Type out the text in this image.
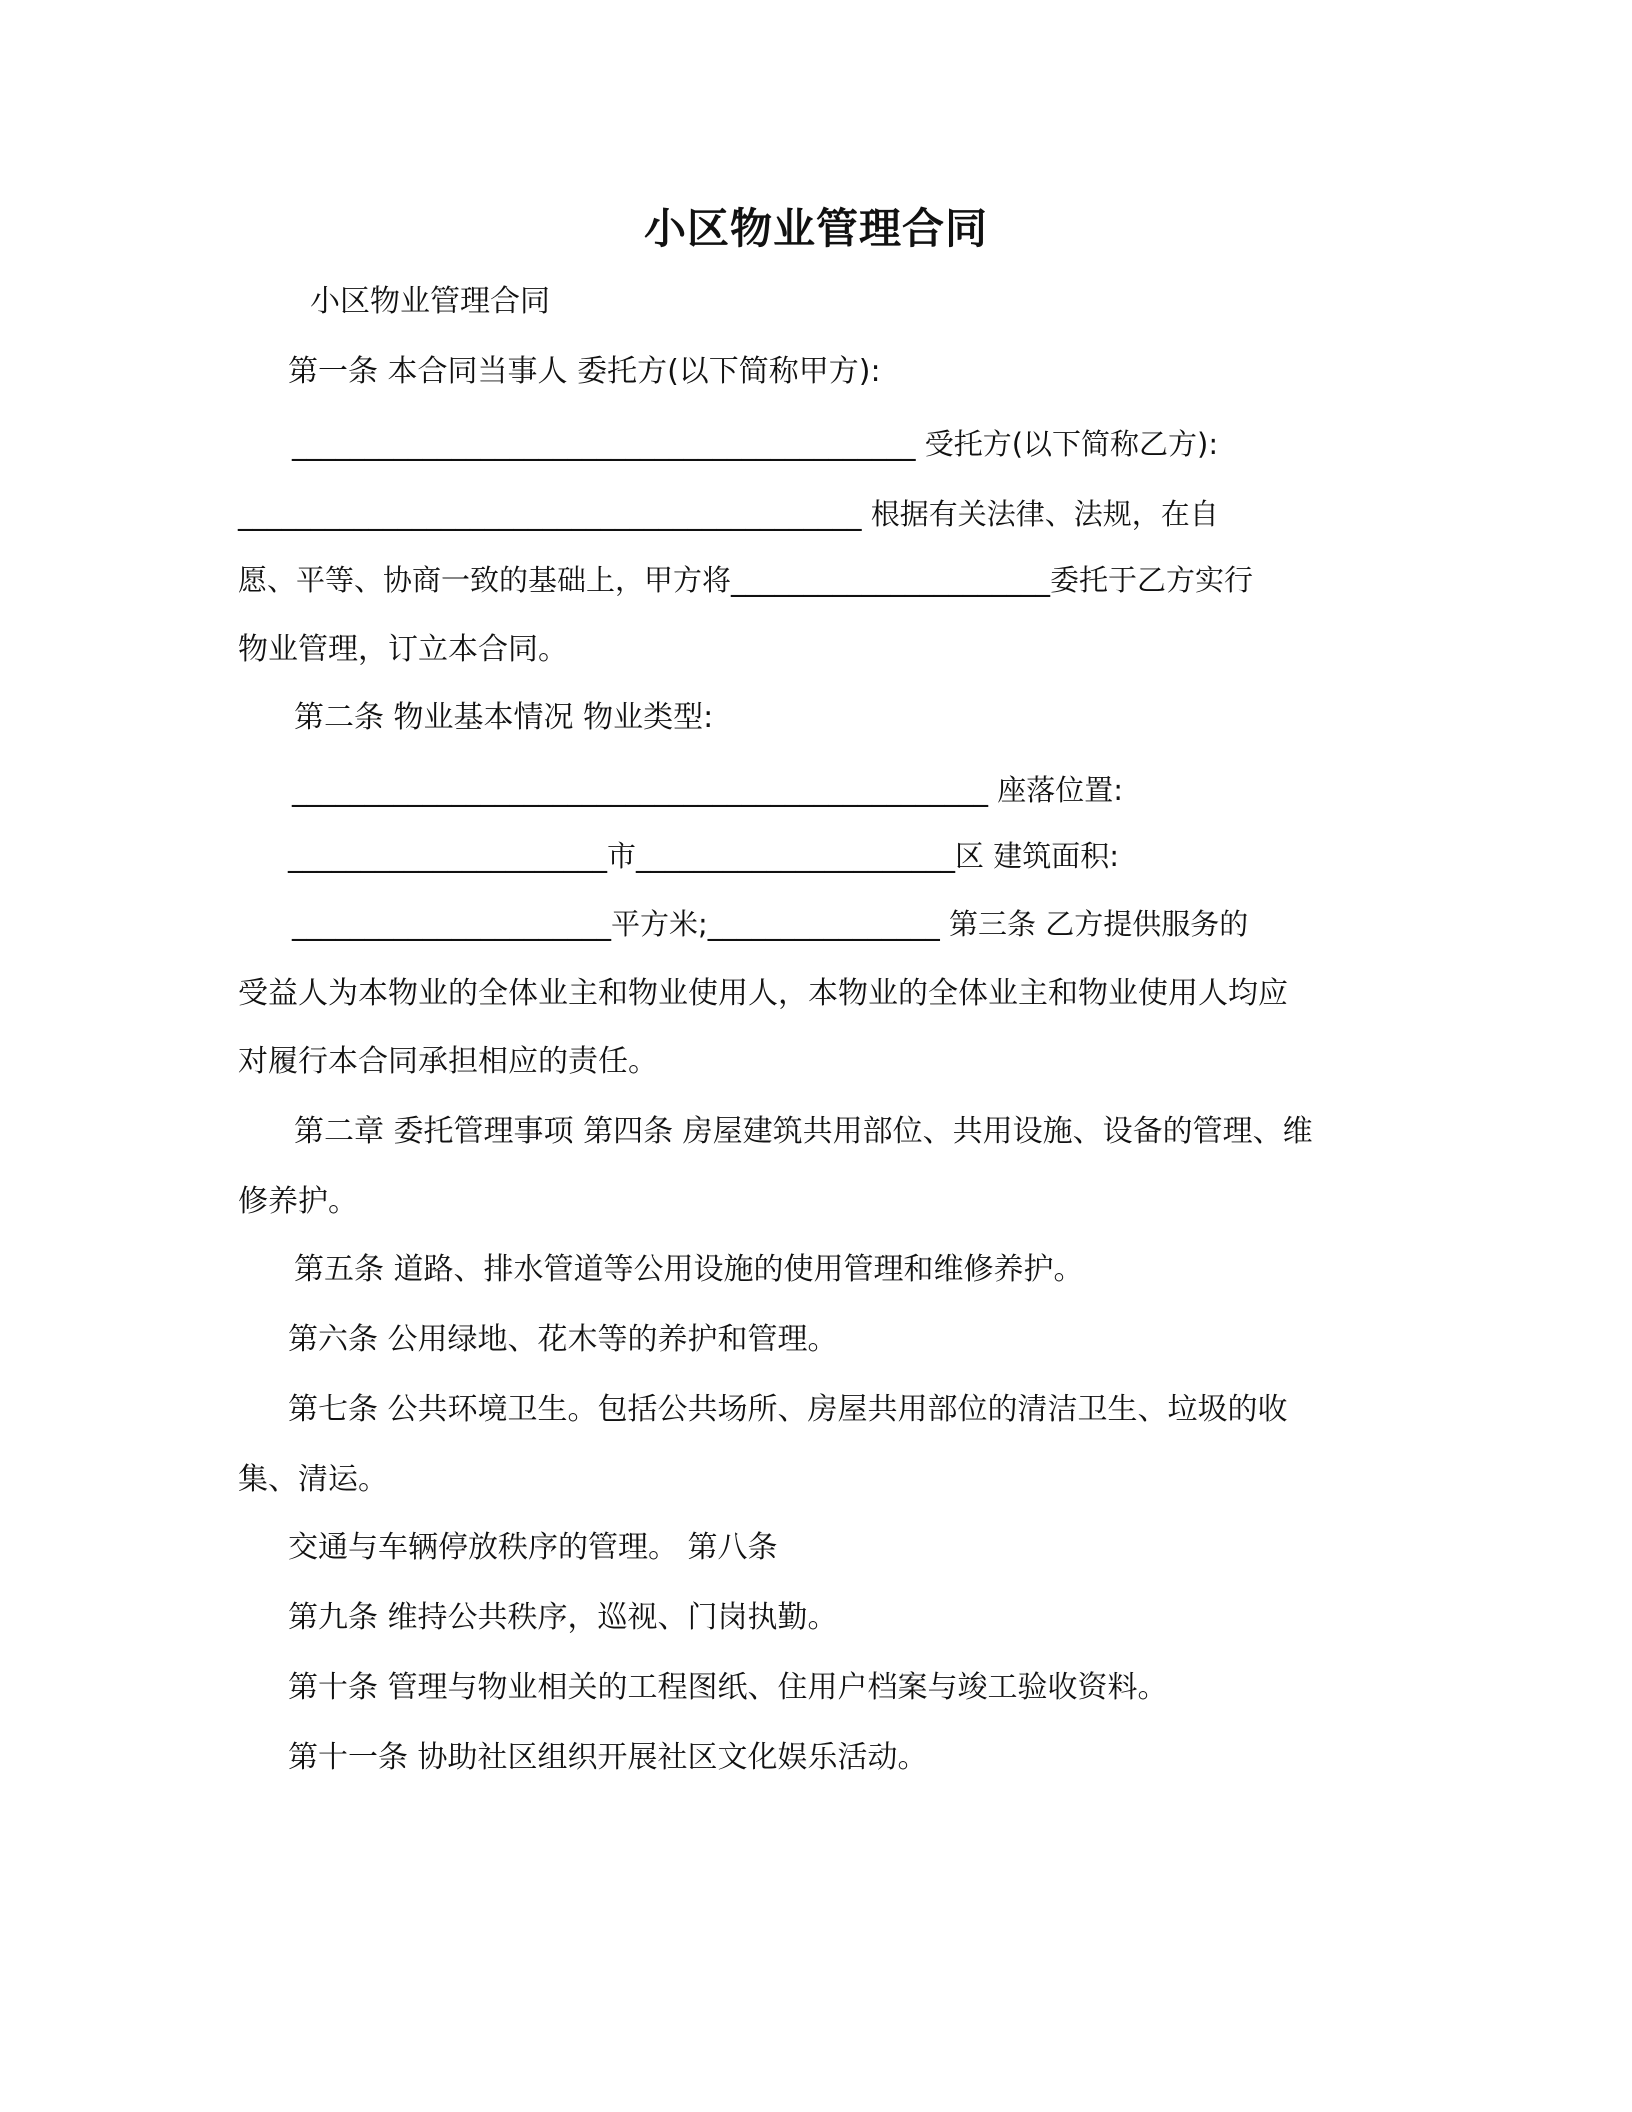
小区物业管理合同
小区物业管理合同
第一条 本合同当事人 委托方(以下简称甲方):
___________________________________________ 受托方(以下简称乙方):
___________________________________________ 根据有关法律、法规，在自
愿、平等、协商一致的基础上，甲方将______________________委托于乙方实行
物业管理，订立本合同。
第二条 物业基本情况 物业类型:
________________________________________________ 座落位置:
______________________市______________________区 建筑面积:
______________________平方米;________________ 第三条 乙方提供服务的
受益人为本物业的全体业主和物业使用人，本物业的全体业主和物业使用人均应
对履行本合同承担相应的责任。
第二章 委托管理事项 第四条 房屋建筑共用部位、共用设施、设备的管理、维
修养护。
第五条 道路、排水管道等公用设施的使用管理和维修养护。
第六条 公用绿地、花木等的养护和管理。
第七条 公共环境卫生。包括公共场所、房屋共用部位的清洁卫生、垃圾的收
集、清运。
交通与车辆停放秩序的管理。 第八条
第九条 维持公共秩序，巡视、门岗执勤。
第十条 管理与物业相关的工程图纸、住用户档案与竣工验收资料。
第十一条 协助社区组织开展社区文化娱乐活动。
